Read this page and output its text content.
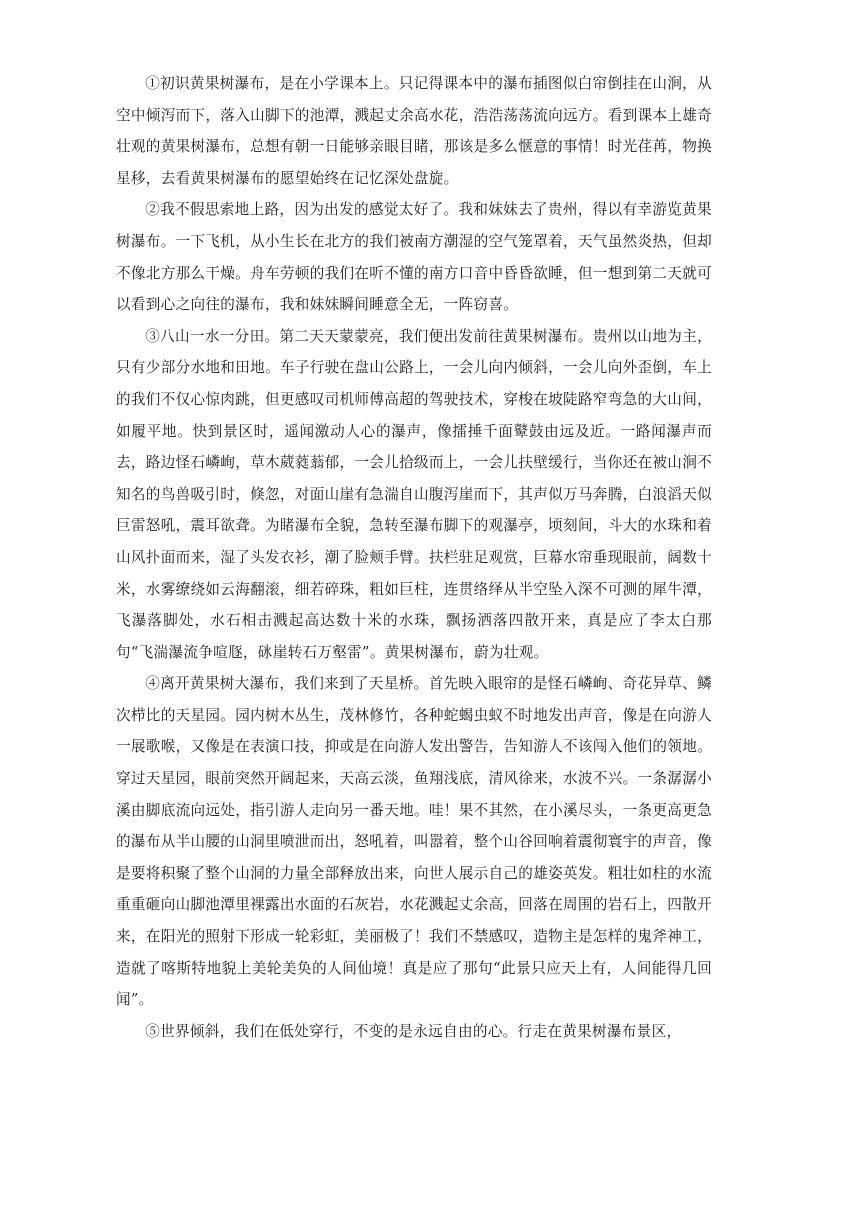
①初识黄果树瀑布，是在小学课本上。只记得课本中的瀑布插图似白帘倒挂在山涧，从空中倾泻而下，落入山脚下的池潭，溅起丈余高水花，浩浩荡荡流向远方。看到课本上雄奇壮观的黄果树瀑布，总想有朝一日能够亲眼目睹，那该是多么惬意的事情！时光荏苒，物换星移，去看黄果树瀑布的愿望始终在记忆深处盘旋。

②我不假思索地上路，因为出发的感觉太好了。我和妹妹去了贵州，得以有幸游览黄果树瀑布。一下飞机，从小生长在北方的我们被南方潮湿的空气笼罩着，天气虽然炎热，但却不像北方那么干燥。舟车劳顿的我们在听不懂的南方口音中昏昏欲睡，但一想到第二天就可以看到心之向往的瀑布，我和妹妹瞬间睡意全无，一阵窃喜。

③八山一水一分田。第二天天蒙蒙亮，我们便出发前往黄果树瀑布。贵州以山地为主，只有少部分水地和田地。车子行驶在盘山公路上，一会儿向内倾斜，一会儿向外歪倒，车上的我们不仅心惊肉跳，但更感叹司机师傅高超的驾驶技术，穿梭在坡陡路窄弯急的大山间，如履平地。快到景区时，遥闻激动人心的瀑声，像擂捶千面鼙鼓由远及近。一路闻瀑声而去，路边怪石嶙峋，草木葳蕤蓊郁，一会儿拾级而上，一会儿扶壁缓行，当你还在被山涧不知名的鸟兽吸引时，倏忽，对面山崖有急湍自山腹泻崖而下，其声似万马奔腾，白浪滔天似巨雷怒吼，震耳欲聋。为睹瀑布全貌，急转至瀑布脚下的观瀑亭，顷刻间，斗大的水珠和着山风扑面而来，湿了头发衣衫，潮了脸颊手臂。扶栏驻足观赏，巨幕水帘垂现眼前，阔数十米，水雾缭绕如云海翻滚，细若碎珠，粗如巨柱，连贯络绎从半空坠入深不可测的犀牛潭，飞瀑落脚处，水石相击溅起高达数十米的水珠，飘扬洒落四散开来，真是应了李太白那句“飞湍瀑流争喧豗，砯崖转石万壑雷”。黄果树瀑布，蔚为壮观。

④离开黄果树大瀑布，我们来到了天星桥。首先映入眼帘的是怪石嶙峋、奇花异草、鳞次栉比的天星园。园内树木丛生，茂林修竹，各种蛇蝎虫蚁不时地发出声音，像是在向游人一展歌喉，又像是在表演口技，抑或是在向游人发出警告，告知游人不该闯入他们的领地。穿过天星园，眼前突然开阔起来，天高云淡，鱼翔浅底，清风徐来，水波不兴。一条潺潺小溪由脚底流向远处，指引游人走向另一番天地。哇！果不其然，在小溪尽头，一条更高更急的瀑布从半山腰的山洞里喷泄而出，怒吼着，叫嚣着，整个山谷回响着震彻寰宇的声音，像是要将积聚了整个山洞的力量全部释放出来，向世人展示自己的雄姿英发。粗壮如柱的水流重重砸向山脚池潭里裸露出水面的石灰岩，水花溅起丈余高，回落在周围的岩石上，四散开来，在阳光的照射下形成一轮彩虹，美丽极了！我们不禁感叹，造物主是怎样的鬼斧神工，造就了喀斯特地貌上美轮美奂的人间仙境！真是应了那句“此景只应天上有，人间能得几回闻”。

⑤世界倾斜，我们在低处穿行，不变的是永远自由的心。行走在黄果树瀑布景区，
